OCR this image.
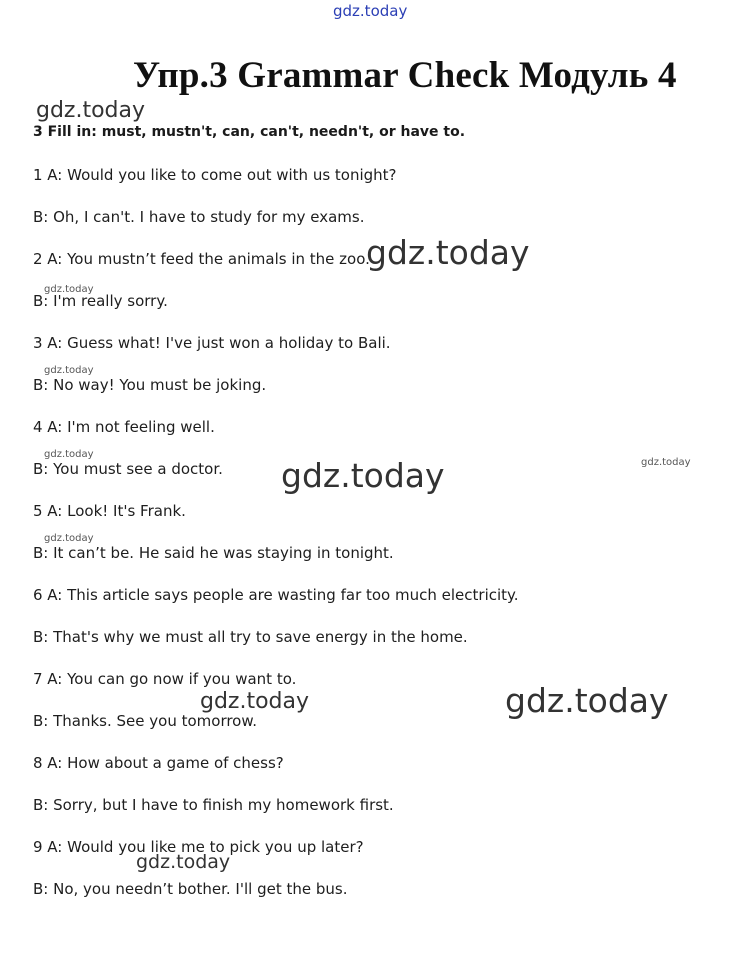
gdz.today
Упр.3 Grammar Check Модуль 4
gdz.today
3 Fill in: must, mustn't, can, can't, needn't, or have to.
1 A: Would you like to come out with us tonight?
B: Oh, I can't. I have to study for my exams.
2 A: You mustn’t feed the animals in the zoo.
B: I'm really sorry.
3 A: Guess what! I've just won a holiday to Bali.
B: No way! You must be joking.
4 A: I'm not feeling well.
B: You must see a doctor.
5 A: Look! It's Frank.
B: It can’t be. He said he was staying in tonight.
6 A: This article says people are wasting far too much electricity.
B: That's why we must all try to save energy in the home.
7 A: You can go now if you want to.
B: Thanks. See you tomorrow.
8 A: How about a game of chess?
B: Sorry, but I have to finish my homework first.
9 A: Would you like me to pick you up later?
B: No, you needn’t bother. I'll get the bus.
gdz.today
gdz.today
gdz.today
gdz.today
gdz.today
gdz.today
gdz.today
gdz.today
gdz.today
gdz.today
